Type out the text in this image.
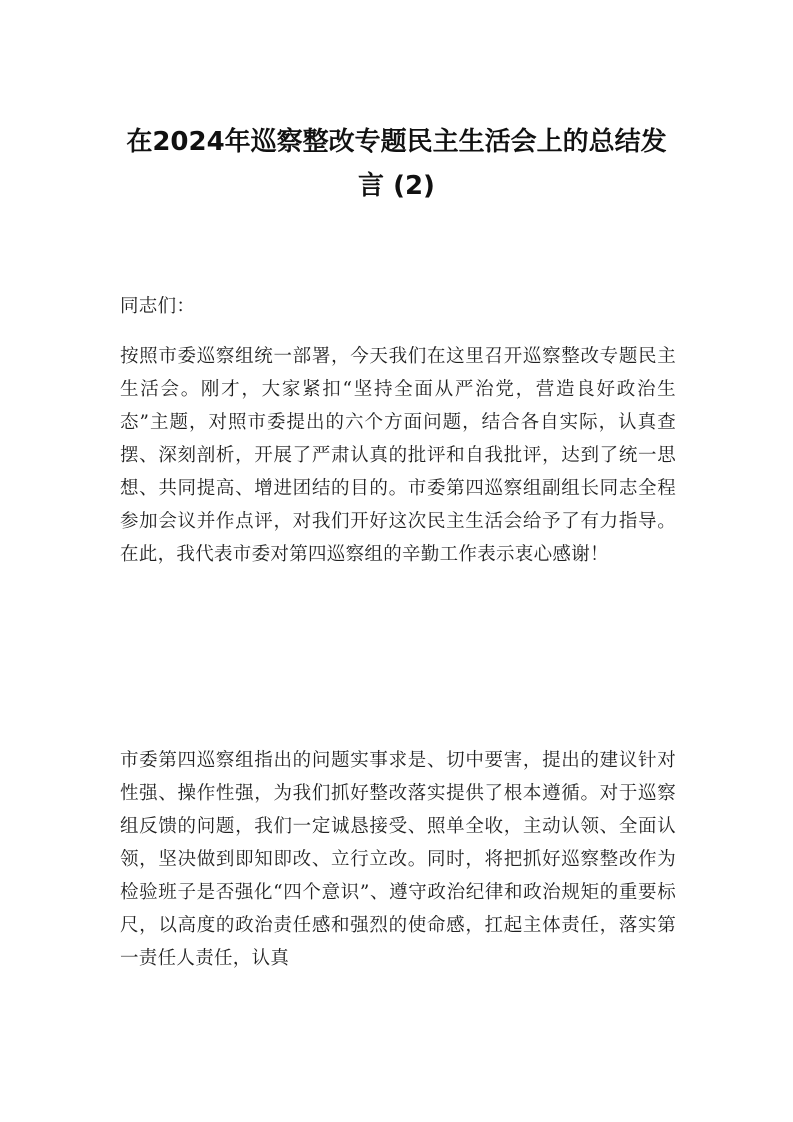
在2024年巡察整改专题民主生活会上的总结发言 (2)

同志们：

按照市委巡察组统一部署，今天我们在这里召开巡察整改专题民主生活会。刚才，大家紧扣“坚持全面从严治党，营造良好政治生态”主题，对照市委提出的六个方面问题，结合各自实际，认真查摆、深刻剖析，开展了严肃认真的批评和自我批评，达到了统一思想、共同提高、增进团结的目的。市委第四巡察组副组长同志全程参加会议并作点评，对我们开好这次民主生活会给予了有力指导。在此，我代表市委对第四巡察组的辛勤工作表示衷心感谢！

市委第四巡察组指出的问题实事求是、切中要害，提出的建议针对性强、操作性强，为我们抓好整改落实提供了根本遵循。对于巡察组反馈的问题，我们一定诚恳接受、照单全收，主动认领、全面认领，坚决做到即知即改、立行立改。同时，将把抓好巡察整改作为检验班子是否强化“四个意识”、遵守政治纪律和政治规矩的重要标尺，以高度的政治责任感和强烈的使命感，扛起主体责任，落实第一责任人责任，认真
